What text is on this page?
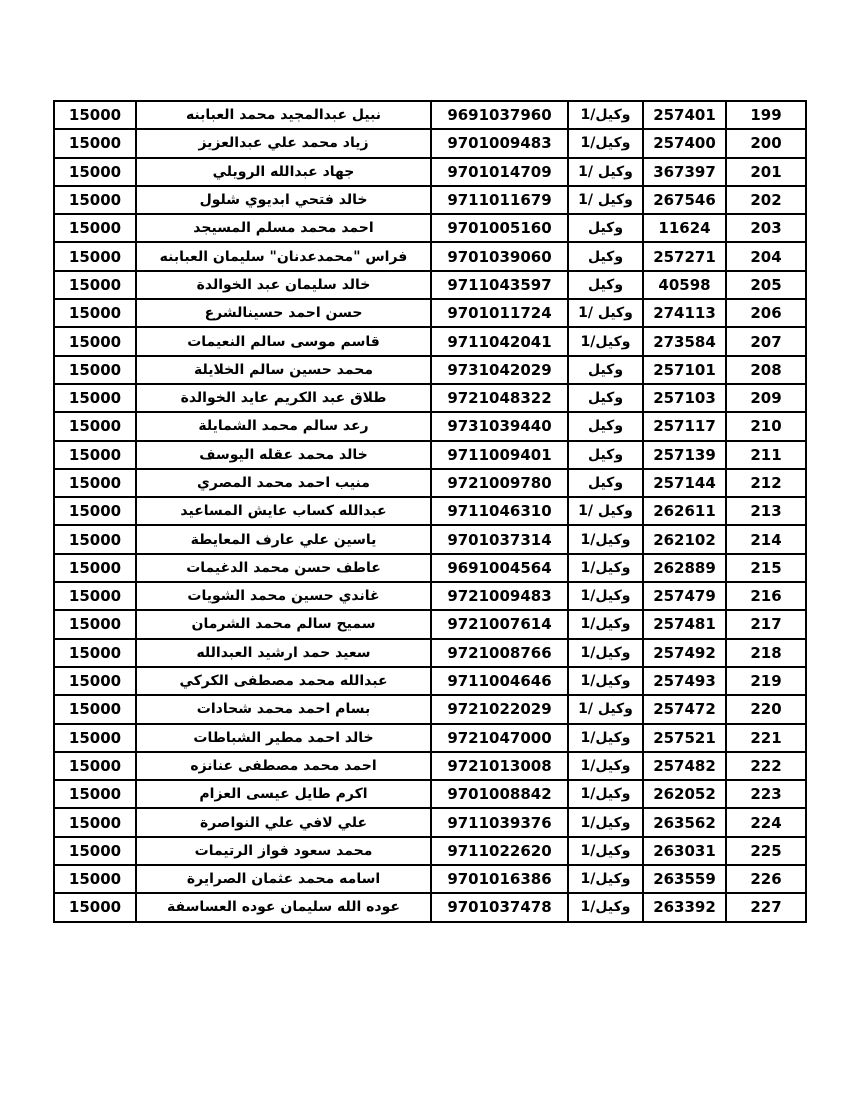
15000	نبيل عبدالمجيد محمد العبابنه	9691037960	وكيل/1	257401	199
15000	زياد محمد علي عبدالعزيز	9701009483	وكيل/1	257400	200
15000	جهاد عبدالله الرويلي	9701014709	وكيل /1	367397	201
15000	خالد فتحي ابديوي شلول	9711011679	وكيل /1	267546	202
15000	احمد محمد مسلم المسيجد	9701005160	وكيل	11624	203
15000	فراس "محمدعدنان" سليمان العبابنه	9701039060	وكيل	257271	204
15000	خالد سليمان عبد الخوالدة	9711043597	وكيل	40598	205
15000	حسن احمد حسينالشرع	9701011724	وكيل /1	274113	206
15000	قاسم موسى سالم النعيمات	9711042041	وكيل/1	273584	207
15000	محمد حسين سالم الخلايلة	9731042029	وكيل	257101	208
15000	طلاق عبد الكريم عايد الخوالدة	9721048322	وكيل	257103	209
15000	رعد سالم محمد الشمايلة	9731039440	وكيل	257117	210
15000	خالد محمد عقله اليوسف	9711009401	وكيل	257139	211
15000	منيب احمد محمد المصري	9721009780	وكيل	257144	212
15000	عبدالله كساب عايش المساعيد	9711046310	وكيل /1	262611	213
15000	ياسين علي عارف المعايطة	9701037314	وكيل/1	262102	214
15000	عاطف حسن محمد الدغيمات	9691004564	وكيل/1	262889	215
15000	غاندي حسين محمد الشويات	9721009483	وكيل/1	257479	216
15000	سميح سالم محمد الشرمان	9721007614	وكيل/1	257481	217
15000	سعيد حمد ارشيد العبدالله	9721008766	وكيل/1	257492	218
15000	عبدالله محمد مصطفى الكركي	9711004646	وكيل/1	257493	219
15000	بسام احمد محمد شحادات	9721022029	وكيل /1	257472	220
15000	خالد احمد مطير الشباطات	9721047000	وكيل/1	257521	221
15000	احمد محمد مصطفى عنانزه	9721013008	وكيل/1	257482	222
15000	اكرم طايل عيسى العزام	9701008842	وكيل/1	262052	223
15000	علي لافي علي النواصرة	9711039376	وكيل/1	263562	224
15000	محمد سعود فواز الرتيمات	9711022620	وكيل/1	263031	225
15000	اسامه محمد عثمان الصرايرة	9701016386	وكيل/1	263559	226
15000	عوده الله سليمان عوده العساسفة	9701037478	وكيل/1	263392	227
